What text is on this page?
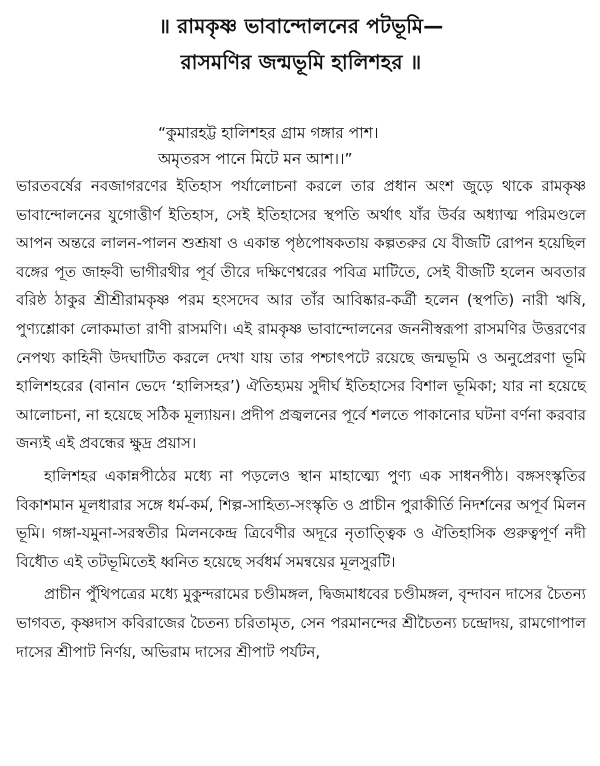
॥ রামকৃষ্ণ ভাবান্দোলনের পটভূমি—
রাসমণির জন্মভূমি হালিশহর ॥
“কুমারহট্ট হালিশহর গ্রাম গঙ্গার পাশ।
অমৃতরস পানে মিটে মন আশ।।”

ভারতবর্ষের নবজাগরণের ইতিহাস পর্যালোচনা করলে তার প্রধান অংশ জুড়ে থাকে রামকৃষ্ণ ভাবান্দোলনের যুগোত্তীর্ণ ইতিহাস, সেই ইতিহাসের স্থপতি অর্থাৎ যাঁর উর্বর অধ্যাত্ম পরিমণ্ডলে আপন অন্তরে লালন-পালন শুশ্রূষা ও একান্ত পৃষ্ঠপোষকতায় কল্পতরুর যে বীজটি রোপন হয়েছিল বঙ্গের পূত জাহ্নবী ভাগীরথীর পূর্ব তীরে দক্ষিণেশ্বরের পবিত্র মাটিতে, সেই বীজটি হলেন অবতার বরিষ্ঠ ঠাকুর শ্রীশ্রীরামকৃষ্ণ পরম হংসদেব আর তাঁর আবিষ্কার-কর্ত্রী হলেন (স্থপতি) নারী ঋষি, পুণ্যশ্লোকা লোকমাতা রাণী রাসমণি। এই রামকৃষ্ণ ভাবান্দোলনের জননীস্বরূপা রাসমণির উত্তরণের নেপথ্য কাহিনী উদঘাটিত করলে দেখা যায় তার পশ্চাৎপটে রয়েছে জন্মভূমি ও অনুপ্রেরণা ভূমি হালিশহরের (বানান ভেদে ‘হালিসহর’) ঐতিহ্যময় সুদীর্ঘ ইতিহাসের বিশাল ভূমিকা; যার না হয়েছে আলোচনা, না হয়েছে সঠিক মূল্যায়ন। প্রদীপ প্রজ্বলনের পূর্বে শলতে পাকানোর ঘটনা বর্ণনা করবার জন্যই এই প্রবন্ধের ক্ষুদ্র প্রয়াস।

হালিশহর একান্নপীঠের মধ্যে না পড়লেও স্থান মাহাত্ম্যে পুণ্য এক সাধনপীঠ। বঙ্গসংস্কৃতির বিকাশমান মূলধারার সঙ্গে ধর্ম-কর্ম, শিল্প-সাহিত্য-সংস্কৃতি ও প্রাচীন পুরাকীর্তি নিদর্শনের অপূর্ব মিলন ভূমি। গঙ্গা-যমুনা-সরস্বতীর মিলনকেন্দ্র ত্রিবেণীর অদূরে নৃতাত্ত্বিক ও ঐতিহাসিক গুরুত্বপূর্ণ নদী বিধৌত এই তটভূমিতেই ধ্বনিত হয়েছে সর্বধর্ম সমন্বয়ের মূলসুরটি।

প্রাচীন পুঁথিপত্রের মধ্যে মুকুন্দরামের চণ্ডীমঙ্গল, দ্বিজমাধবের চণ্ডীমঙ্গল, বৃন্দাবন দাসের চৈতন্য ভাগবত, কৃষ্ণদাস কবিরাজের চৈতন্য চরিতামৃত, সেন পরমানন্দের শ্রীচৈতন্য চন্দ্রোদয়, রামগোপাল দাসের শ্রীপাট নির্ণয়, অভিরাম দাসের শ্রীপাট পর্যটন,
